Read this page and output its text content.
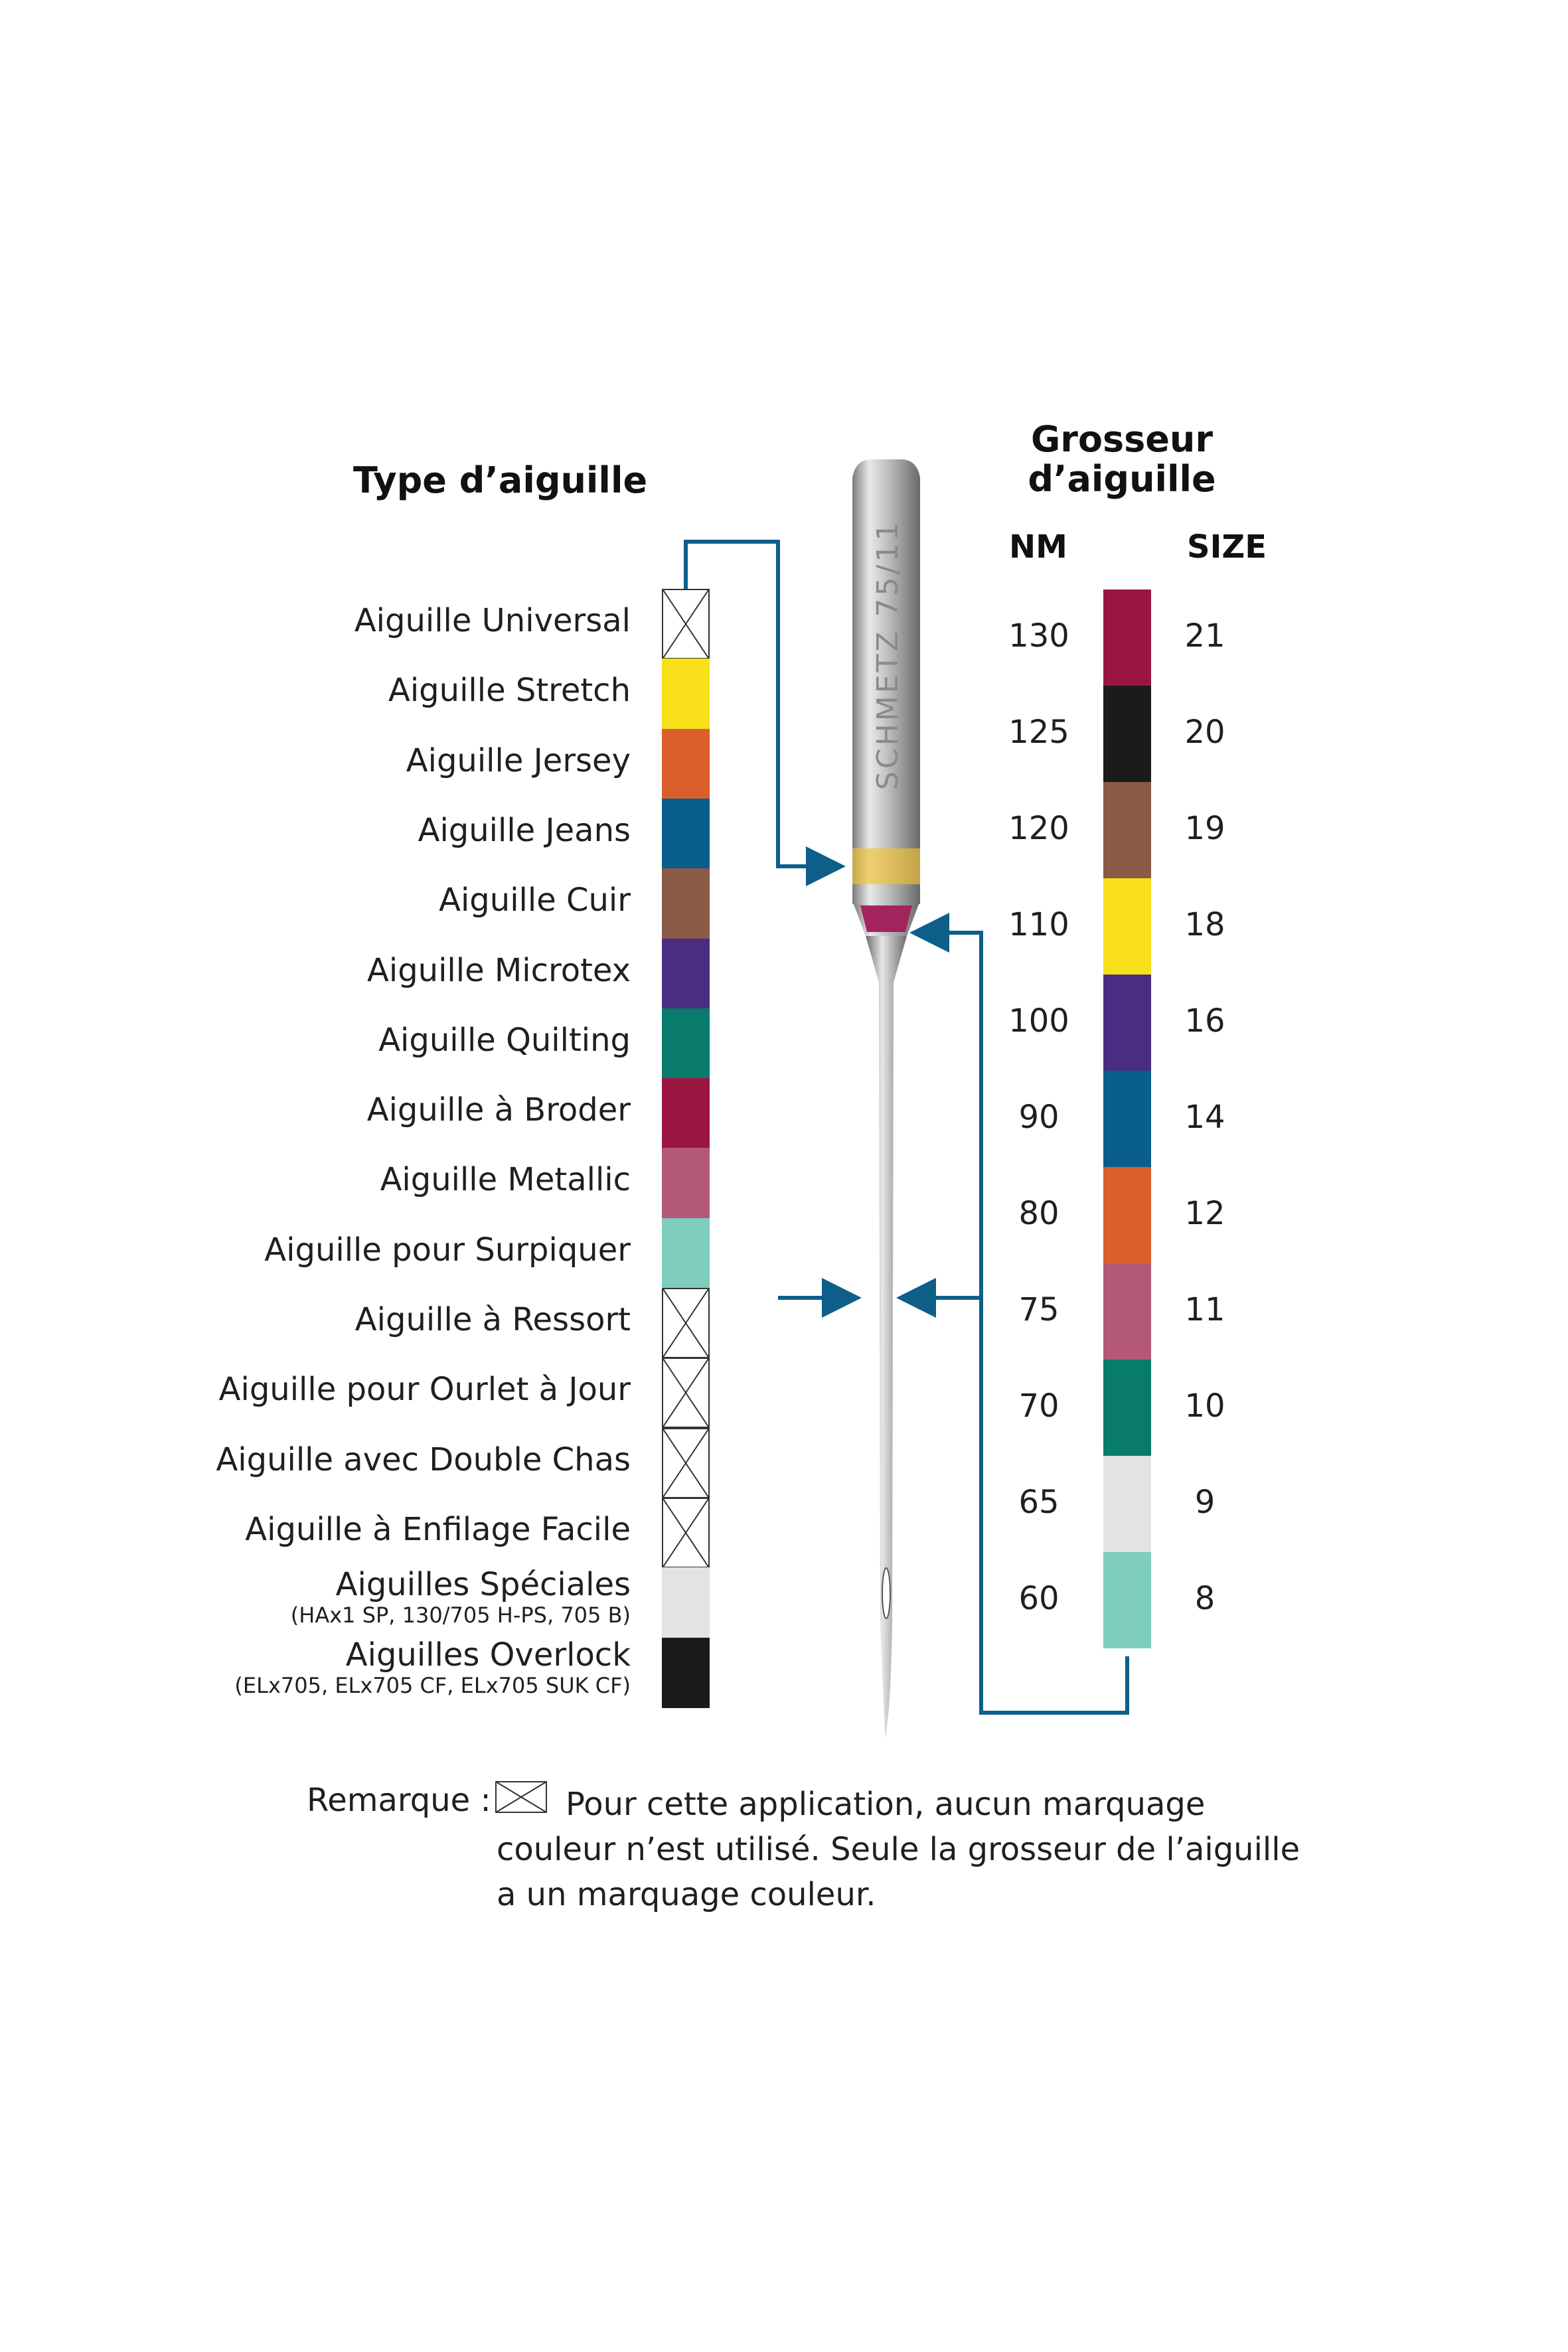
Type d’aiguille
Grosseur
d’aiguille
NM	SIZE
Aiguille Universal
Aiguille Stretch
Aiguille Jersey
Aiguille Jeans
Aiguille Cuir
Aiguille Microtex
Aiguille Quilting
Aiguille à Broder
Aiguille Metallic
Aiguille pour Surpiquer
Aiguille à Ressort
Aiguille pour Ourlet à Jour
Aiguille avec Double Chas
Aiguille à Enfilage Facile
Aiguilles Spéciales
(HAx1 SP, 130/705 H-PS, 705 B)
Aiguilles Overlock
(ELx705, ELx705 CF, ELx705 SUK CF)
130	21
125	20
120	19
110	18
100	16
90	14
80	12
75	11
70	10
65	9
60	8
SCHMETZ 75/11
Remarque : Pour cette application, aucun marquage
couleur n’est utilisé. Seule la grosseur de l’aiguille
a un marquage couleur.
